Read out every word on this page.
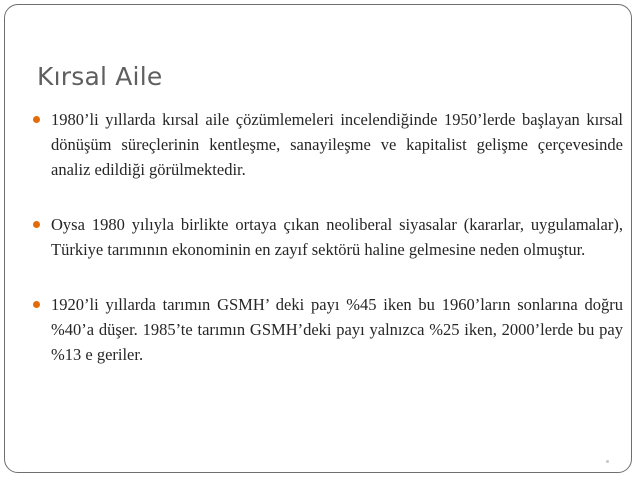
Kırsal Aile
1980’li yıllarda kırsal aile çözümlemeleri incelendiğinde 1950’lerde başlayan kırsal dönüşüm süreçlerinin kentleşme, sanayileşme ve kapitalist gelişme çerçevesinde analiz edildiği görülmektedir.
Oysa 1980 yılıyla birlikte ortaya çıkan neoliberal siyasalar (kararlar, uygulamalar), Türkiye tarımının ekonominin en zayıf sektörü haline gelmesine neden olmuştur.
1920’li yıllarda tarımın GSMH’ deki payı %45 iken bu 1960’ların sonlarına doğru %40’a düşer. 1985’te tarımın GSMH’deki payı yalnızca %25 iken, 2000’lerde bu pay %13 e geriler.
